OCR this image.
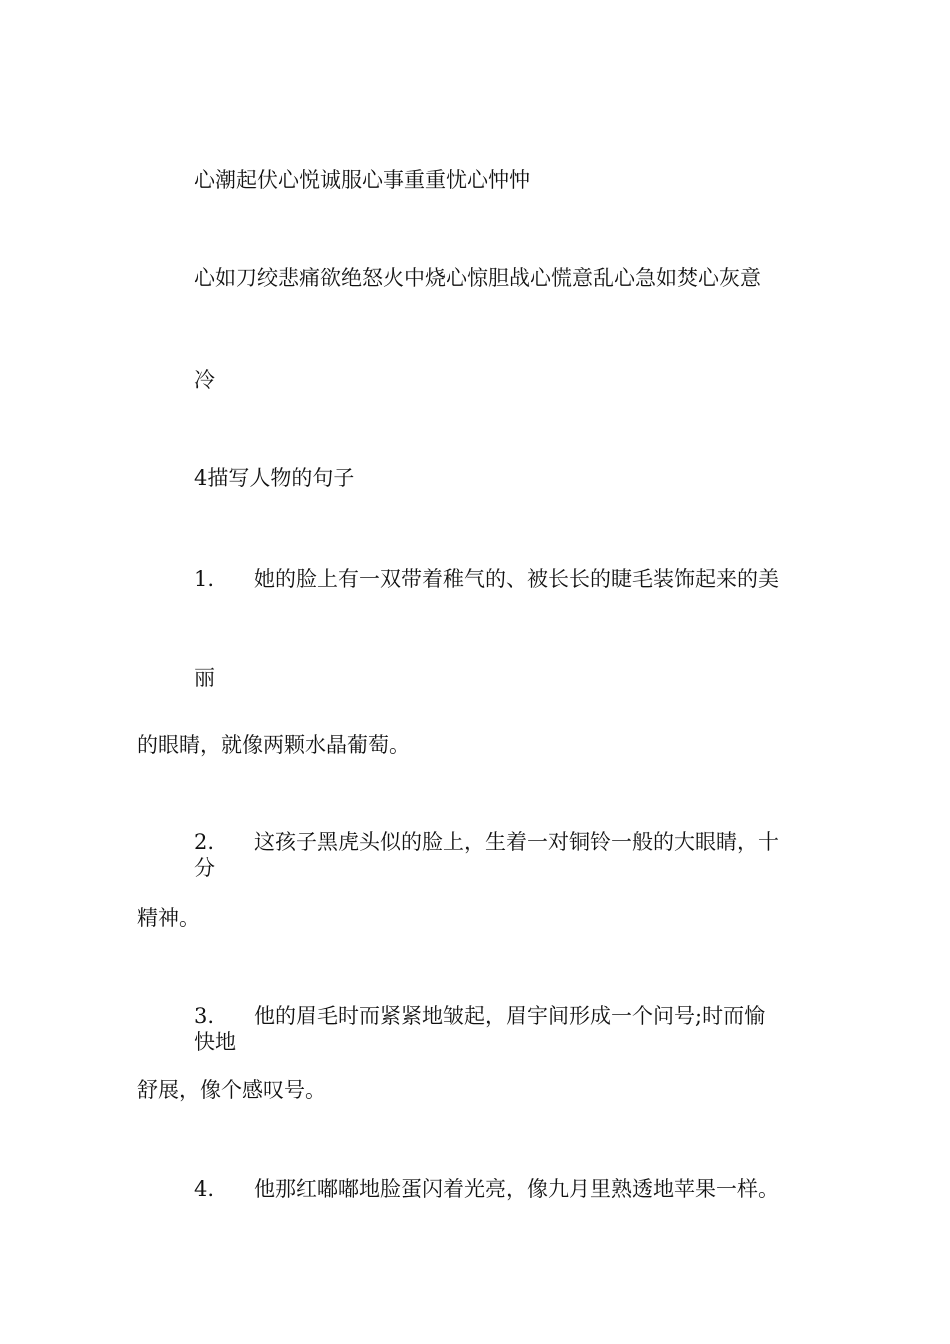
心潮起伏心悦诚服心事重重忧心忡忡

心如刀绞悲痛欲绝怒火中烧心惊胆战心慌意乱心急如焚心灰意

冷

4描写人物的句子

1. 她的脸上有一双带着稚气的、被长长的睫毛装饰起来的美
丽
的眼睛，就像两颗水晶葡萄。
2. 这孩子黑虎头似的脸上，生着一对铜铃一般的大眼睛，十
分
精神。
3. 他的眉毛时而紧紧地皱起，眉宇间形成一个问号;时而愉
快地
舒展，像个感叹号。
4. 他那红嘟嘟地脸蛋闪着光亮，像九月里熟透地苹果一样。
